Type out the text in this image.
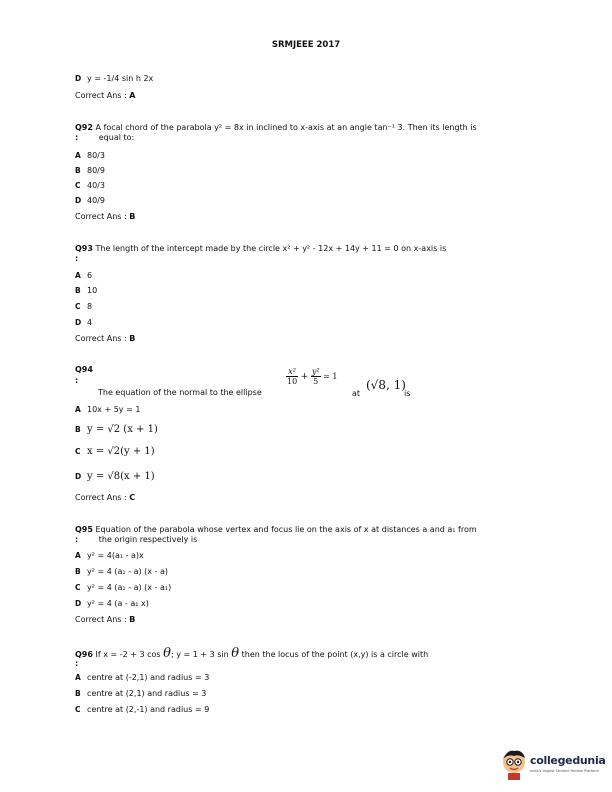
SRMJEEE 2017
D y = -1/4 sin h 2x
Correct Ans : A
Q92 A focal chord of the parabola y² = 8x in inclined to x-axis at an angle tan⁻¹ 3. Then its length is
:	equal to:
A 80/3
B 80/9
C 40/3
D 40/9
Correct Ans : B
Q93 The length of the intercept made by the circle x² + y² - 12x + 14y + 11 = 0 on x-axis is
:
A 6
B 10
C 8
D 4
Correct Ans : B
Q94
:
The equation of the normal to the ellipse
$\frac{\text{x²}}{10} + \frac{\text{y²}}{5} = 1$
at
(√8, 1)
is
A 10x + 5y = 1
B y = √2 (x + 1)
C x = √2(y + 1)
D y = √8(x + 1)
Correct Ans : C
Q95 Equation of the parabola whose vertex and focus lie on the axis of x at distances a and a₁ from
:	the origin respectively is
A y² = 4(a₁ - a)x
B y² = 4 (a₁ - a) (x - a)
C y² = 4 (a₁ - a) (x - a₁)
D y² = 4 (a - a₁ x)
Correct Ans : B
Q96 If x = -2 + 3 cos θ; y = 1 + 3 sin θ then the locus of the point (x,y) is a circle with
:
A centre at (-2,1) and radius = 3
B centre at (2,1) and radius = 3
C centre at (2,-1) and radius = 9
collegedunia
India's largest Student Review Platform
